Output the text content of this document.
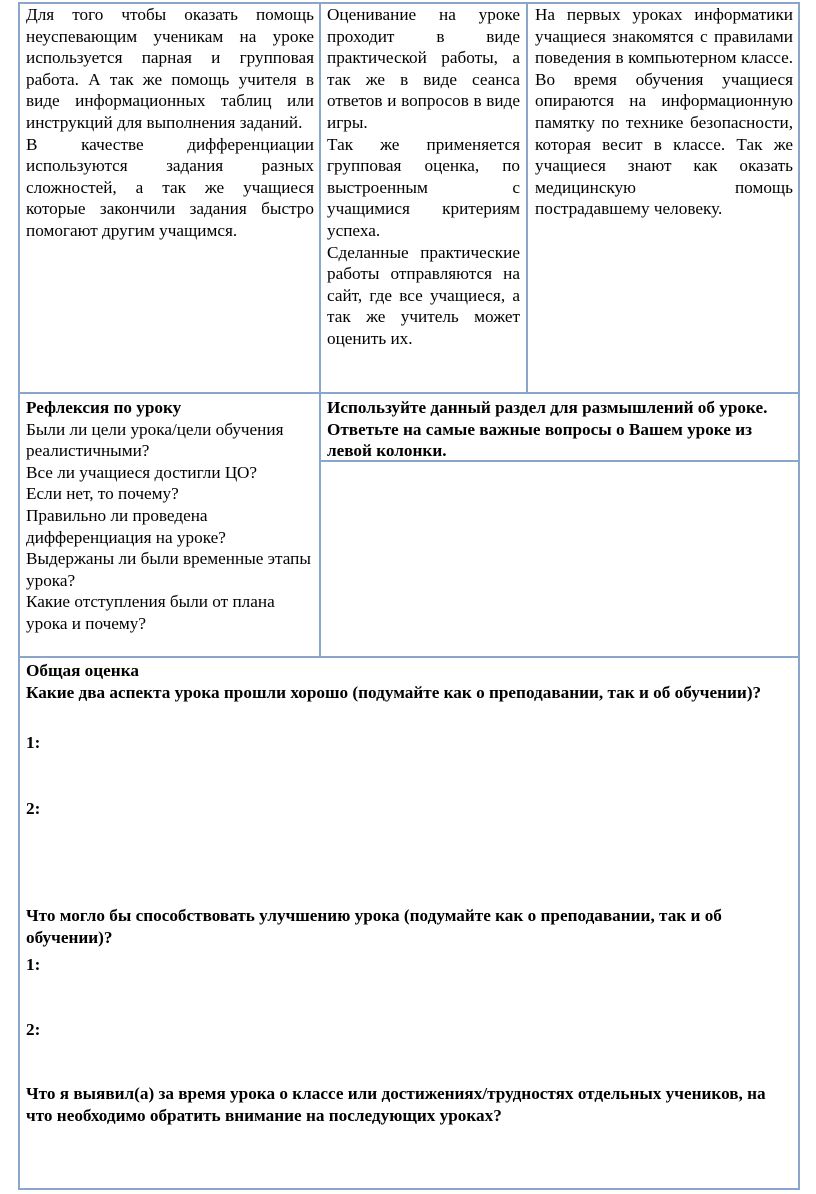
Для того чтобы оказать помощь неуспевающим ученикам на уроке используется парная и групповая работа. А так же помощь учителя в виде информационных таблиц или инструкций для выполнения заданий.

В качестве дифференциации используются задания разных сложностей, а так же учащиеся которые закончили задания быстро помогают другим учащимся.

Оценивание на уроке проходит в виде практической работы, а так же в виде сеанса ответов и вопросов в виде игры.

Так же применяется групповая оценка, по выстроенным с учащимися критериям успеха.

Сделанные практические работы отправляются на сайт, где все учащиеся, а так же учитель может оценить их.

На первых уроках информатики учащиеся знакомятся с правилами поведения в компьютерном классе. Во время обучения учащиеся опираются на информационную памятку по технике безопасности, которая весит в классе. Так же учащиеся знают как оказать медицинскую помощь пострадавшему человеку.

Рефлексия по уроку

Были ли цели урока/цели обучения реалистичными?

Все ли учащиеся достигли ЦО?

Если нет, то почему?

Правильно ли проведена дифференциация на уроке?

Выдержаны ли были временные этапы урока?

Какие отступления были от плана урока и почему?

Используйте данный раздел для размышлений об уроке. Ответьте на самые важные вопросы о Вашем уроке из левой колонки.

Общая оценка

Какие два аспекта урока прошли хорошо (подумайте как о преподавании, так и об обучении)?

1:

2:

Что могло бы способствовать улучшению урока (подумайте как о преподавании, так и об обучении)?

1:

2:

Что я выявил(а) за время урока о классе или достижениях/трудностях отдельных учеников, на что необходимо обратить внимание на последующих уроках?
